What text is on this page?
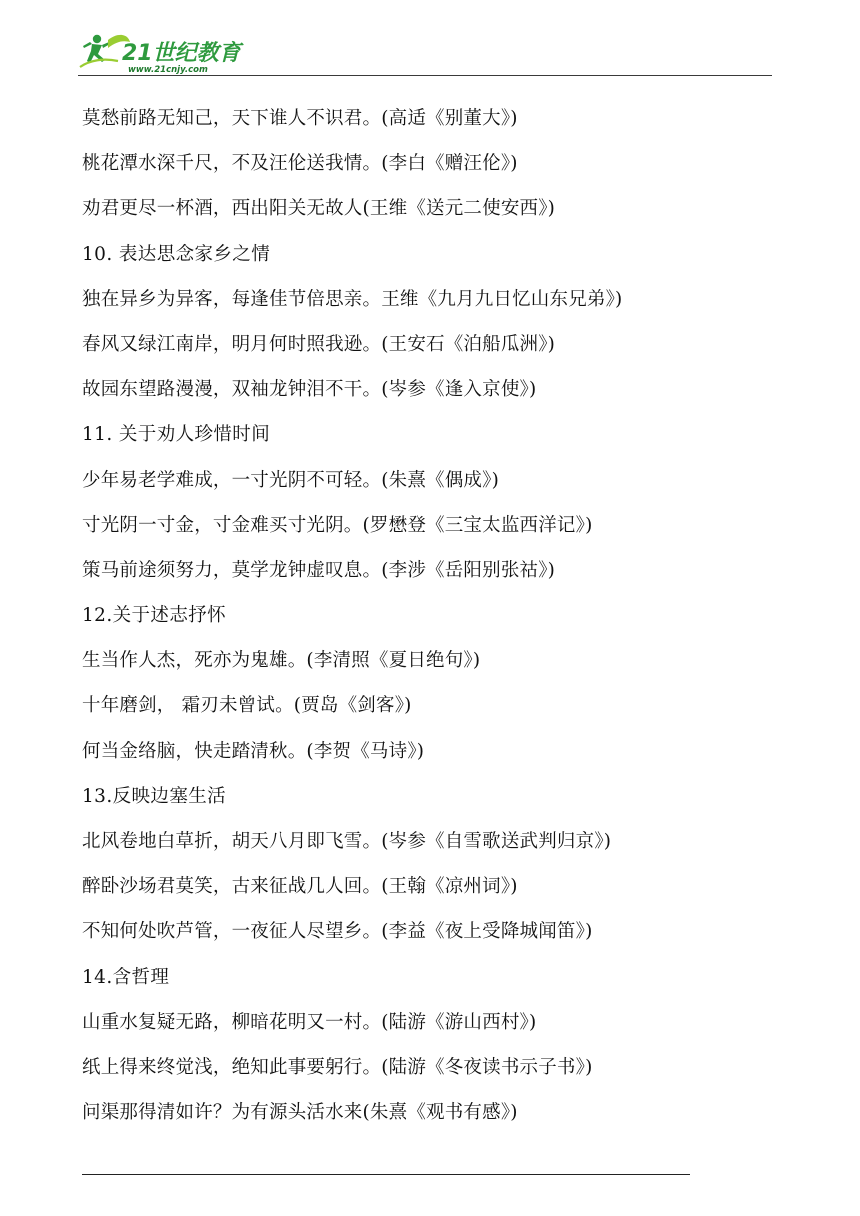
21世纪教育
www.21cnjy.com
莫愁前路无知己，天下谁人不识君。(高适《别董大》)
桃花潭水深千尺，不及汪伦送我情。(李白《赠汪伦》)
劝君更尽一杯酒，西出阳关无故人(王维《送元二使安西》)
10. 表达思念家乡之情
独在异乡为异客，每逢佳节倍思亲。王维《九月九日忆山东兄弟》)
春风又绿江南岸，明月何时照我逊。(王安石《泊船瓜洲》)
故园东望路漫漫，双袖龙钟泪不干。(岑参《逢入京使》)
11. 关于劝人珍惜时间
少年易老学难成，一寸光阴不可轻。(朱熹《偶成》)
寸光阴一寸金，寸金难买寸光阴。(罗懋登《三宝太监西洋记》)
策马前途须努力，莫学龙钟虚叹息。(李涉《岳阳别张祜》)
12.关于述志抒怀
生当作人杰，死亦为鬼雄。(李清照《夏日绝句》)
十年磨剑， 霜刃未曾试。(贾岛《剑客》)
何当金络脑，快走踏清秋。(李贺《马诗》)
13.反映边塞生活
北风卷地白草折，胡天八月即飞雪。(岑参《自雪歌送武判归京》)
醉卧沙场君莫笑，古来征战几人回。(王翰《凉州词》)
不知何处吹芦管，一夜征人尽望乡。(李益《夜上受降城闻笛》)
14.含哲理
山重水复疑无路，柳暗花明又一村。(陆游《游山西村》)
纸上得来终觉浅，绝知此事要躬行。(陆游《冬夜读书示子书》)
问渠那得清如许？为有源头活水来(朱熹《观书有感》)
